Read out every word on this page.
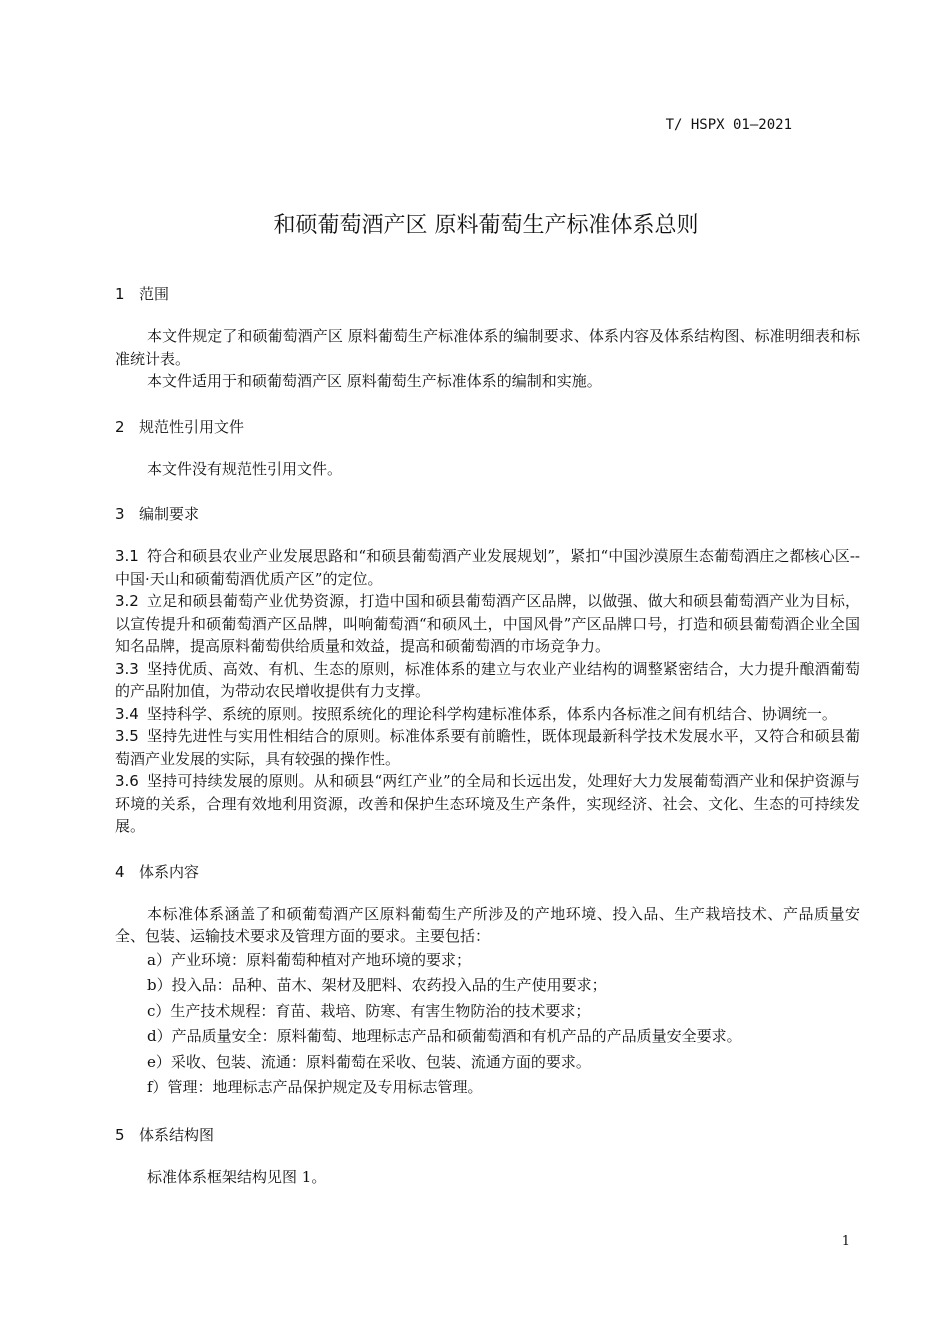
T/ HSPX 01—2021
和硕葡萄酒产区 原料葡萄生产标准体系总则
1 范围

本文件规定了和硕葡萄酒产区 原料葡萄生产标准体系的编制要求、体系内容及体系结构图、标准明细表和标准统计表。

本文件适用于和硕葡萄酒产区 原料葡萄生产标准体系的编制和实施。

2 规范性引用文件

本文件没有规范性引用文件。

3 编制要求

3.1 符合和硕县农业产业发展思路和“和硕县葡萄酒产业发展规划”，紧扣“中国沙漠原生态葡萄酒庄之都核心区--中国·天山和硕葡萄酒优质产区”的定位。

3.2 立足和硕县葡萄产业优势资源，打造中国和硕县葡萄酒产区品牌，以做强、做大和硕县葡萄酒产业为目标，以宣传提升和硕葡萄酒产区品牌，叫响葡萄酒“和硕风土，中国风骨”产区品牌口号，打造和硕县葡萄酒企业全国知名品牌，提高原料葡萄供给质量和效益，提高和硕葡萄酒的市场竞争力。

3.3 坚持优质、高效、有机、生态的原则，标准体系的建立与农业产业结构的调整紧密结合，大力提升酿酒葡萄的产品附加值，为带动农民增收提供有力支撑。

3.4 坚持科学、系统的原则。按照系统化的理论科学构建标准体系，体系内各标准之间有机结合、协调统一。

3.5 坚持先进性与实用性相结合的原则。标准体系要有前瞻性，既体现最新科学技术发展水平，又符合和硕县葡萄酒产业发展的实际，具有较强的操作性。

3.6 坚持可持续发展的原则。从和硕县“两红产业”的全局和长远出发，处理好大力发展葡萄酒产业和保护资源与环境的关系，合理有效地利用资源，改善和保护生态环境及生产条件，实现经济、社会、文化、生态的可持续发展。

4 体系内容

本标准体系涵盖了和硕葡萄酒产区原料葡萄生产所涉及的产地环境、投入品、生产栽培技术、产品质量安全、包装、运输技术要求及管理方面的要求。主要包括：

a）产业环境：原料葡萄种植对产地环境的要求；
b）投入品：品种、苗木、架材及肥料、农药投入品的生产使用要求；
c）生产技术规程：育苗、栽培、防寒、有害生物防治的技术要求；
d）产品质量安全：原料葡萄、地理标志产品和硕葡萄酒和有机产品的产品质量安全要求。
e）采收、包装、流通：原料葡萄在采收、包装、流通方面的要求。
f）管理：地理标志产品保护规定及专用标志管理。
5 体系结构图

标准体系框架结构见图 1。

1
